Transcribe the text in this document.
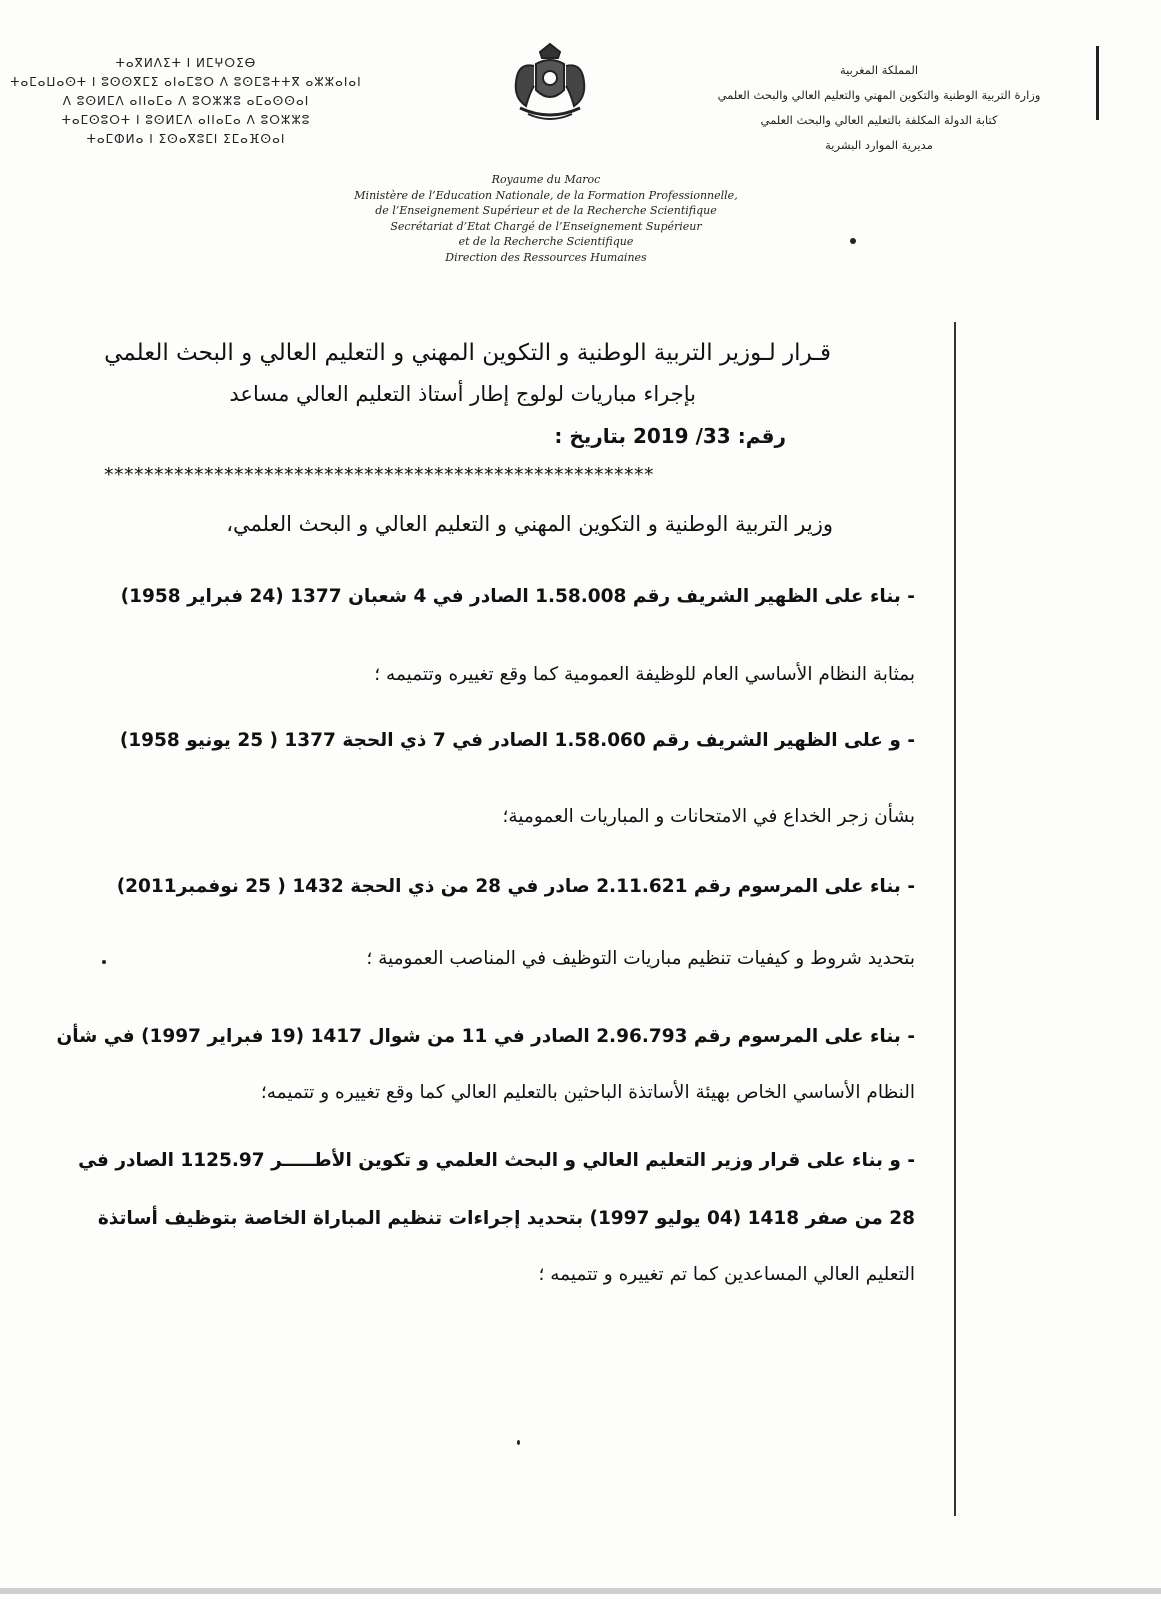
ⵜⴰⴳⵍⴷⵉⵜ ⵏ ⵍⵎⵖⵔⵉⴱ
ⵜⴰⵎⴰⵡⴰⵙⵜ ⵏ ⵓⵙⵙⴳⵎⵉ ⴰⵏⴰⵎⵓⵔ ⴷ ⵓⵙⵎⵓⵜⵜⴳ ⴰⵣⵣⴰⵏⴰⵏ
ⴷ ⵓⵙⵍⵎⴷ ⴰⵏⵏⴰⵎⴰ ⴷ ⵓⵔⵣⵣⵓ ⴰⵎⴰⵙⵙⴰⵏ
ⵜⴰⵎⵙⵓⵔⵜ ⵏ ⵓⵙⵍⵎⴷ ⴰⵏⵏⴰⵎⴰ ⴷ ⵓⵔⵣⵣⵓ
ⵜⴰⵎⵀⵍⴰ ⵏ ⵉⵙⴰⴳⵓⵎⵏ ⵉⵎⴰⴼⵙⴰⵏ
المملكة المغربية
وزارة التربية الوطنية والتكوين المهني والتعليم العالي والبحث العلمي
كتابة الدولة المكلفة بالتعليم العالي والبحث العلمي
مديرية الموارد البشرية
Royaume du Maroc
Ministère de l’Education Nationale, de la Formation Professionnelle,
de l’Enseignement Supérieur et de la Recherche Scientifique
Secrétariat d’Etat Chargé de l’Enseignement Supérieur
et de la Recherche Scientifique
Direction des Ressources Humaines
قـرار لـوزير التربية الوطنية و التكوين المهني و التعليم العالي و البحث العلمي
بإجراء مباريات لولوج إطار أستاذ التعليم العالي مساعد
رقم: 33/ 2019 بتاريخ :
*******************************************************
وزير التربية الوطنية و التكوين المهني و التعليم العالي و البحث العلمي،
- بناء على الظهير الشريف رقم 1.58.008 الصادر في 4 شعبان 1377 (24 فبراير 1958)
بمثابة النظام الأساسي العام للوظيفة العمومية كما وقع تغييره وتتميمه ؛
- و على الظهير الشريف رقم 1.58.060 الصادر في 7 ذي الحجة 1377 ( 25 يونيو 1958)
بشأن زجر الخداع في الامتحانات و المباريات العمومية؛
- بناء على المرسوم رقم 2.11.621 صادر في 28 من ذي الحجة 1432 ( 25 نوفمبر2011)
بتحديد شروط و كيفيات تنظيم مباريات التوظيف في المناصب العمومية ؛
- بناء على المرسوم رقم 2.96.793 الصادر في 11 من شوال 1417 (19 فبراير 1997) في شأن
النظام الأساسي الخاص بهيئة الأساتذة الباحثين بالتعليم العالي كما وقع تغييره و تتميمه؛
- و بناء على قرار وزير التعليم العالي و البحث العلمي و تكوين الأطـــــر 1125.97 الصادر في
28 من صفر 1418 (04 يوليو 1997) بتحديد إجراءات تنظيم المباراة الخاصة بتوظيف أساتذة
التعليم العالي المساعدين كما تم تغييره و تتميمه ؛
